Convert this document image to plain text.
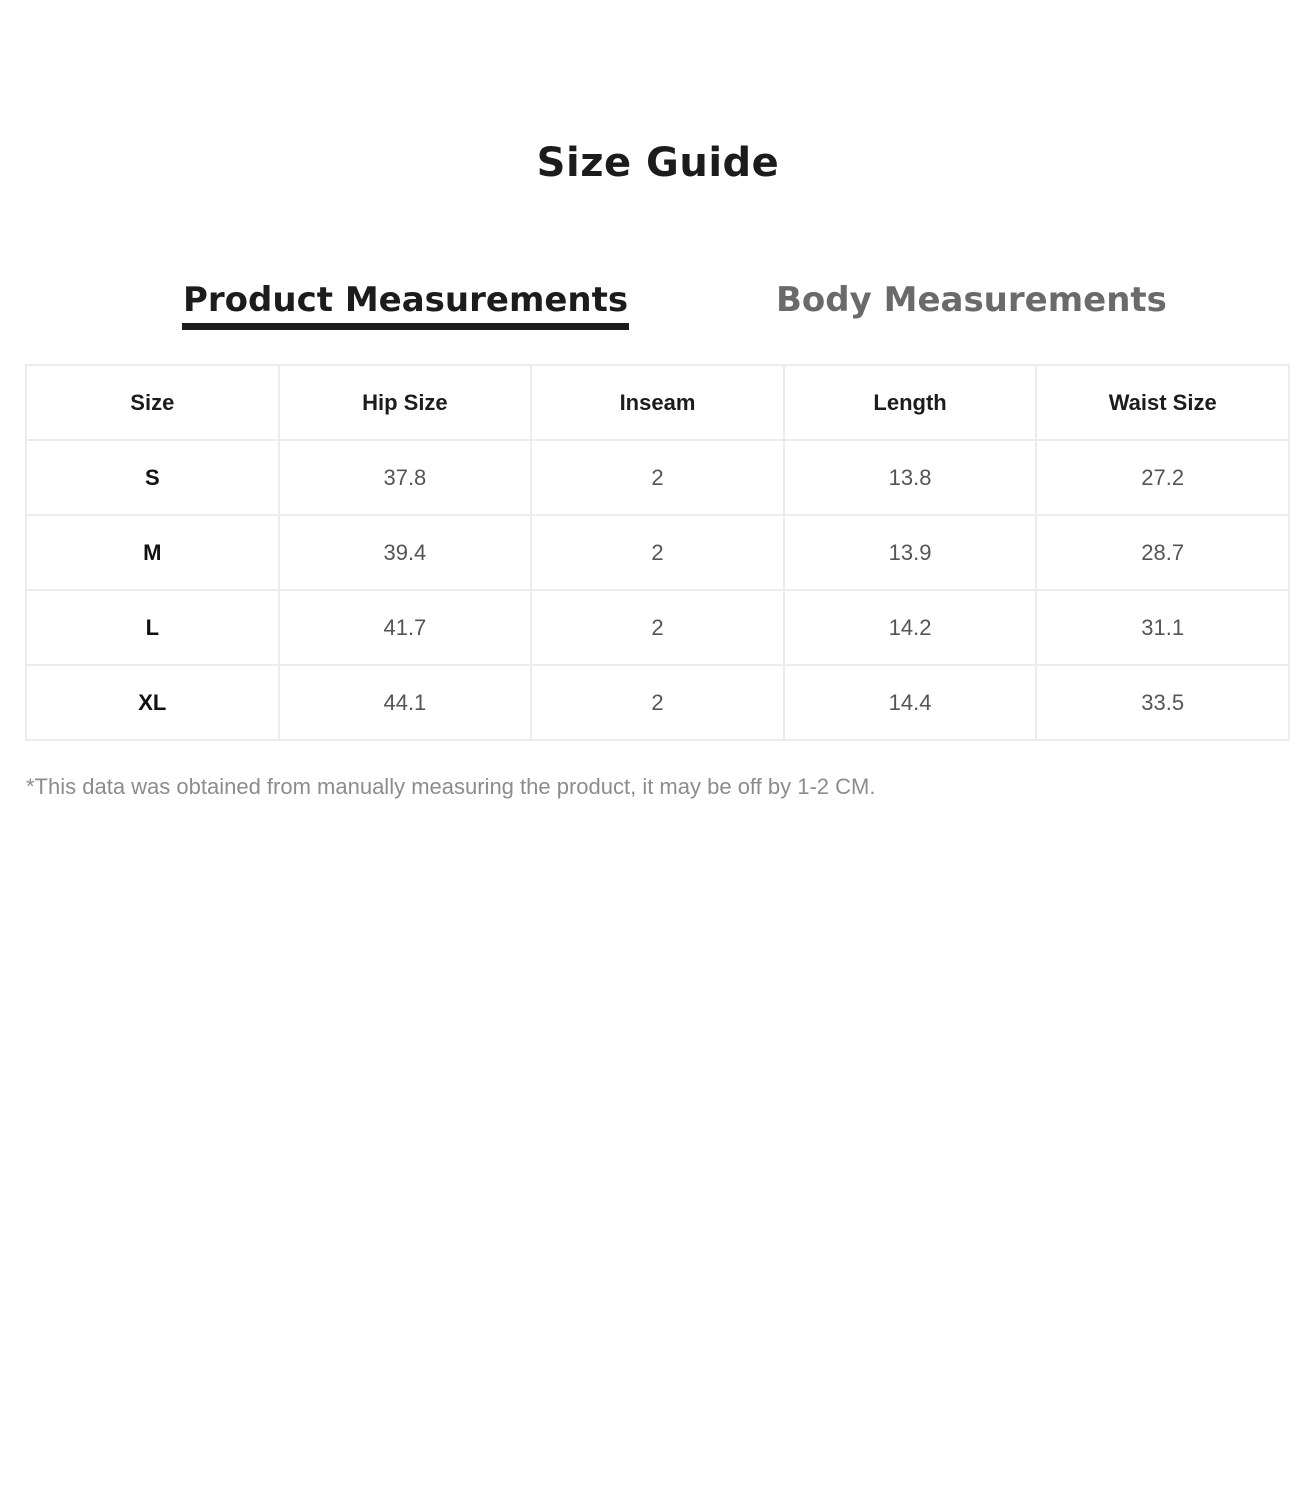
Size Guide
Product Measurements	Body Measurements
Size	Hip Size	Inseam	Length	Waist Size
S	37.8	2	13.8	27.2
M	39.4	2	13.9	28.7
L	41.7	2	14.2	31.1
XL	44.1	2	14.4	33.5
*This data was obtained from manually measuring the product, it may be off by 1-2 CM.
